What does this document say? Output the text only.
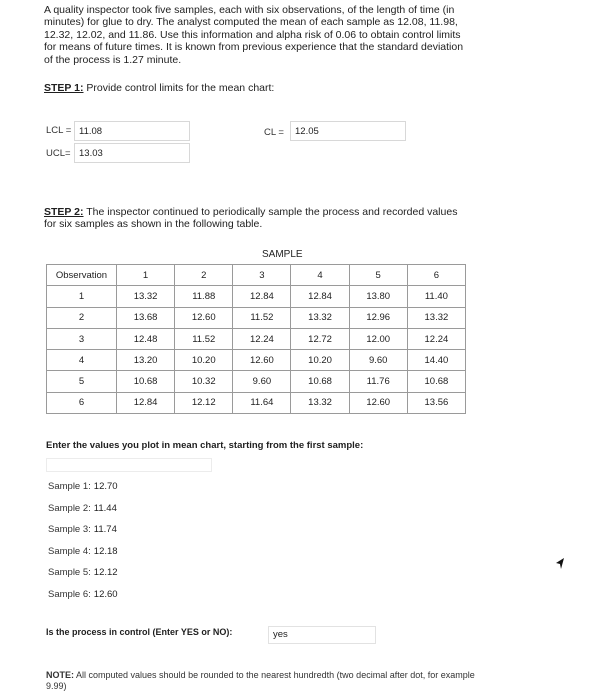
A quality inspector took five samples, each with six observations, of the length of time (in minutes) for glue to dry. The analyst computed the mean of each sample as 12.08, 11.98, 12.32, 12.02, and 11.86. Use this information and alpha risk of 0.06 to obtain control limits for means of future times. It is known from previous experience that the standard deviation of the process is 1.27 minute.
STEP 1: Provide control limits for the mean chart:
LCL = 11.08
UCL= 13.03
CL =	12.05
STEP 2: The inspector continued to periodically sample the process and recorded values for six samples as shown in the following table.
SAMPLE
Observation	1	2	3	4	5	6
1	13.32	11.88	12.84	12.84	13.80	11.40
2	13.68	12.60	11.52	13.32	12.96	13.32
3	12.48	11.52	12.24	12.72	12.00	12.24
4	13.20	10.20	12.60	10.20	9.60	14.40
5	10.68	10.32	9.60	10.68	11.76	10.68
6	12.84	12.12	11.64	13.32	12.60	13.56
Enter the values you plot in mean chart, starting from the first sample:
Sample 1: 12.70
Sample 2: 11.44
Sample 3: 11.74
Sample 4: 12.18
Sample 5: 12.12
Sample 6: 12.60
Is the process in control (Enter YES or NO):	yes
NOTE: All computed values should be rounded to the nearest hundredth (two decimal after dot, for example 9.99)
